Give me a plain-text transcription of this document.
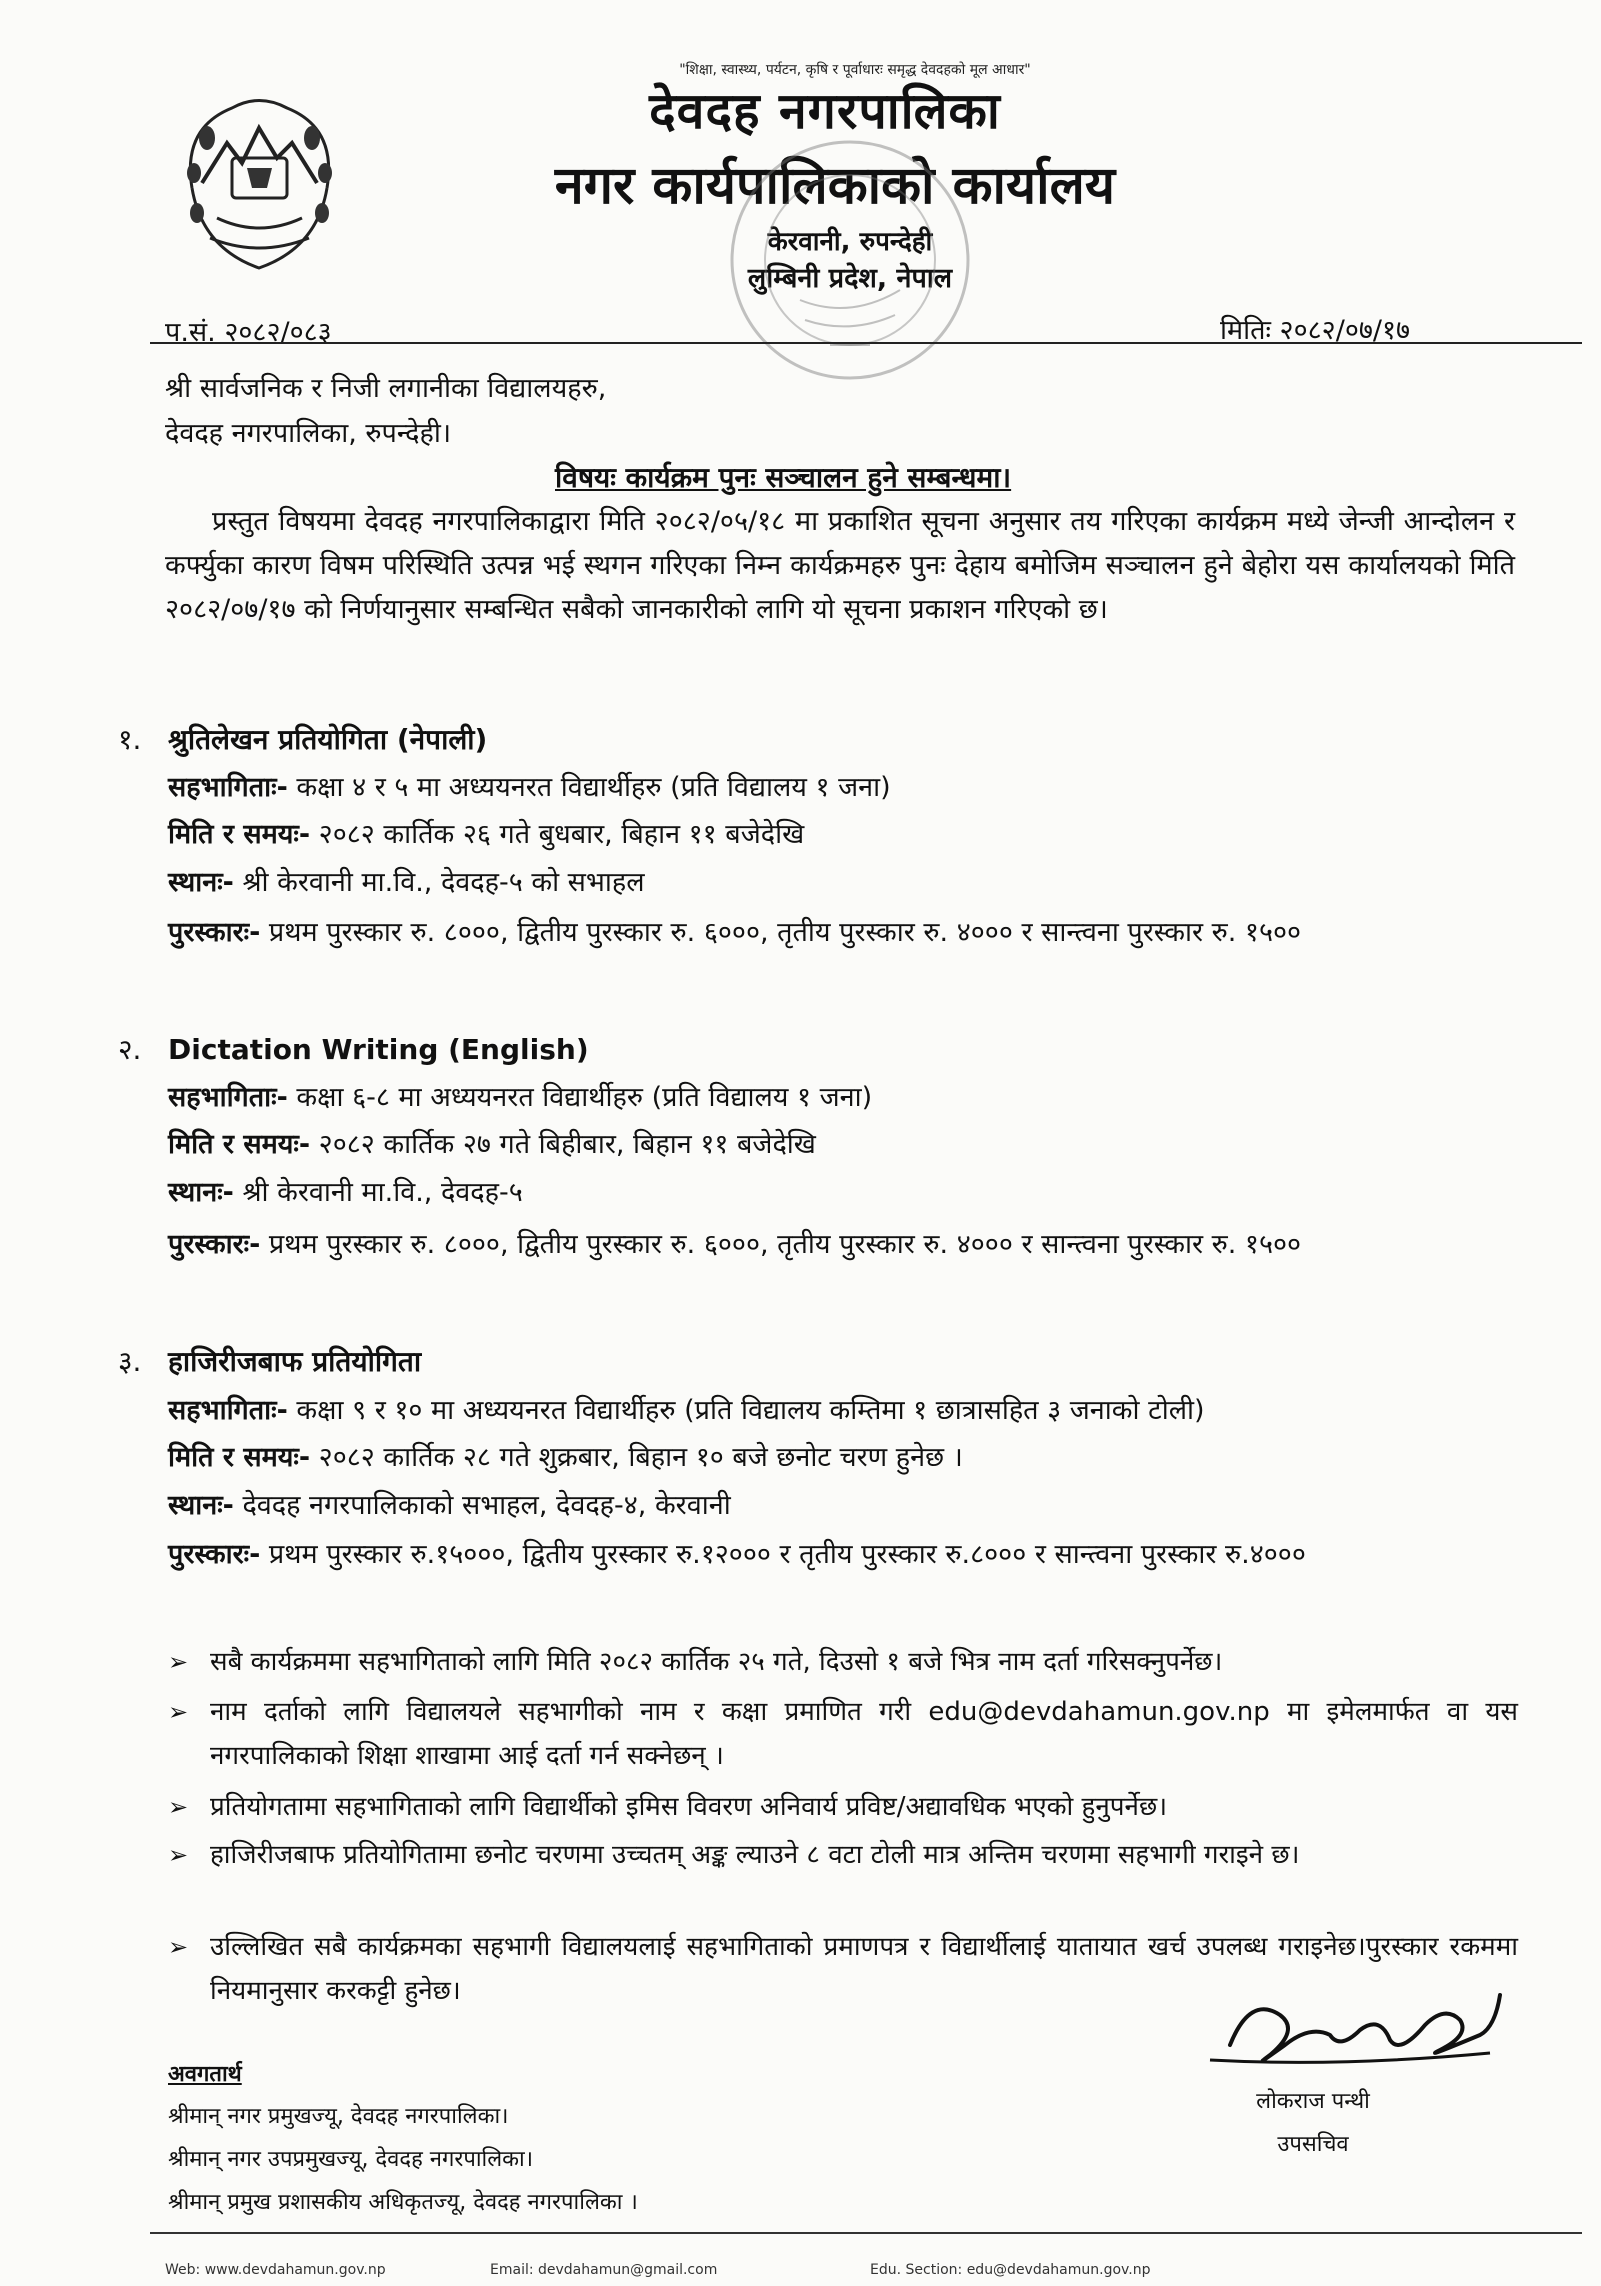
"शिक्षा, स्वास्थ्य, पर्यटन, कृषि र पूर्वाधारः समृद्ध देवदहको मूल आधार"
देवदह नगरपालिका
नगर कार्यपालिकाको कार्यालय
केरवानी, रुपन्देही
लुम्बिनी प्रदेश, नेपाल
प.सं. २०८२/०८३	मितिः २०८२/०७/१७
श्री सार्वजनिक र निजी लगानीका विद्यालयहरु,
देवदह नगरपालिका, रुपन्देही।
विषयः कार्यक्रम पुनः सञ्चालन हुने सम्बन्धमा।
प्रस्तुत विषयमा देवदह नगरपालिकाद्वारा मिति २०८२/०५/१८ मा प्रकाशित सूचना अनुसार तय गरिएका कार्यक्रम मध्ये जेन्जी आन्दोलन र कर्फ्युका कारण विषम परिस्थिति उत्पन्न भई स्थगन गरिएका निम्न कार्यक्रमहरु पुनः देहाय बमोजिम सञ्चालन हुने बेहोरा यस कार्यालयको मिति २०८२/०७/१७ को निर्णयानुसार सम्बन्धित सबैको जानकारीको लागि यो सूचना प्रकाशन गरिएको छ।
१. श्रुतिलेखन प्रतियोगिता (नेपाली)
सहभागिताः- कक्षा ४ र ५ मा अध्ययनरत विद्यार्थीहरु (प्रति विद्यालय १ जना)
मिति र समयः- २०८२ कार्तिक २६ गते बुधबार, बिहान ११ बजेदेखि
स्थानः- श्री केरवानी मा.वि., देवदह-५ को सभाहल
पुरस्कारः- प्रथम पुरस्कार रु. ८०००, द्वितीय पुरस्कार रु. ६०००, तृतीय पुरस्कार रु. ४००० र सान्त्वना पुरस्कार रु. १५००
२. Dictation Writing (English)
सहभागिताः- कक्षा ६-८ मा अध्ययनरत विद्यार्थीहरु (प्रति विद्यालय १ जना)
मिति र समयः- २०८२ कार्तिक २७ गते बिहीबार, बिहान ११ बजेदेखि
स्थानः- श्री केरवानी मा.वि., देवदह-५
पुरस्कारः- प्रथम पुरस्कार रु. ८०००, द्वितीय पुरस्कार रु. ६०००, तृतीय पुरस्कार रु. ४००० र सान्त्वना पुरस्कार रु. १५००
३. हाजिरीजबाफ प्रतियोगिता
सहभागिताः- कक्षा ९ र १० मा अध्ययनरत विद्यार्थीहरु (प्रति विद्यालय कम्तिमा १ छात्रासहित ३ जनाको टोली)
मिति र समयः- २०८२ कार्तिक २८ गते शुक्रबार, बिहान १० बजे छनोट चरण हुनेछ ।
स्थानः- देवदह नगरपालिकाको सभाहल, देवदह-४, केरवानी
पुरस्कारः- प्रथम पुरस्कार रु.१५०००, द्वितीय पुरस्कार रु.१२००० र तृतीय पुरस्कार रु.८००० र सान्त्वना पुरस्कार रु.४०००
➢ सबै कार्यक्रममा सहभागिताको लागि मिति २०८२ कार्तिक २५ गते, दिउसो १ बजे भित्र नाम दर्ता गरिसक्नुपर्नेछ।
➢ नाम दर्ताको लागि विद्यालयले सहभागीको नाम र कक्षा प्रमाणित गरी edu@devdahamun.gov.np मा इमेलमार्फत वा यस नगरपालिकाको शिक्षा शाखामा आई दर्ता गर्न सक्नेछन् ।
➢ प्रतियोगतामा सहभागिताको लागि विद्यार्थीको इमिस विवरण अनिवार्य प्रविष्ट/अद्यावधिक भएको हुनुपर्नेछ।
➢ हाजिरीजबाफ प्रतियोगितामा छनोट चरणमा उच्चतम् अङ्क ल्याउने ८ वटा टोली मात्र अन्तिम चरणमा सहभागी गराइने छ।
➢ उल्लिखित सबै कार्यक्रमका सहभागी विद्यालयलाई सहभागिताको प्रमाणपत्र र विद्यार्थीलाई यातायात खर्च उपलब्ध गराइनेछ।पुरस्कार रकममा नियमानुसार करकट्टी हुनेछ।
लोकराज पन्थी
उपसचिव
अवगतार्थ
श्रीमान् नगर प्रमुखज्यू, देवदह नगरपालिका।
श्रीमान् नगर उपप्रमुखज्यू, देवदह नगरपालिका।
श्रीमान् प्रमुख प्रशासकीय अधिकृतज्यू, देवदह नगरपालिका ।
Web: www.devdahamun.gov.np	Email: devdahamun@gmail.com	Edu. Section: edu@devdahamun.gov.np
